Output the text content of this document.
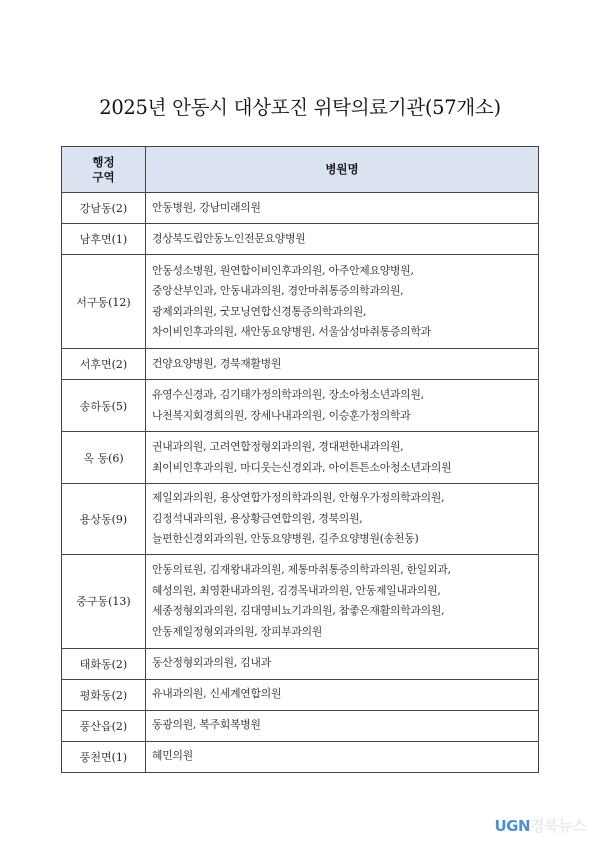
2025년 안동시 대상포진 위탁의료기관(57개소)
행정
구역	병원명
강남동(2)	안동병원, 강남미래의원

남후면(1)	경상북도립안동노인전문요양병원

서구동(12)	안동성소병원, 원연합이비인후과의원, 아주안제요양병원,
중앙산부인과, 안동내과의원, 경안마취통증의학과의원,
광제외과의원, 굿모닝연합신경통증의학과의원,
차이비인후과의원, 새안동요양병원, 서울삼성마취통증의학과

서후면(2)	건양요양병원, 경북재활병원

송하동(5)	유영수신경과, 김기태가정의학과의원, 장소아청소년과의원,
나천복지회경희의원, 장세나내과의원, 이승훈가정의학과

옥 동(6)	권내과의원, 고려연합정형외과의원, 경대편한내과의원,
최이비인후과의원, 마디웃는신경외과, 아이튼튼소아청소년과의원

용상동(9)	제일외과의원, 용상연합가정의학과의원, 안형우가정의학과의원,
김정석내과의원, 용상황금연합의원, 경북의원,
늘편한신경외과의원, 안동요양병원, 길주요양병원(송천동)

중구동(13)	안동의료원, 김재왕내과의원, 제통마취통증의학과의원, 한일외과,
혜성의원, 최영환내과의원, 김경목내과의원, 안동제일내과의원,
세종정형외과의원, 김대영비뇨기과의원, 참좋은재활의학과의원,
안동제일정형외과의원, 장피부과의원

태화동(2)	동산정형외과의원, 김내과

평화동(2)	유내과의원, 신세계연합의원

풍산읍(2)	동광의원, 복주회복병원

풍천면(1)	혜민의원
UGN경북뉴스
